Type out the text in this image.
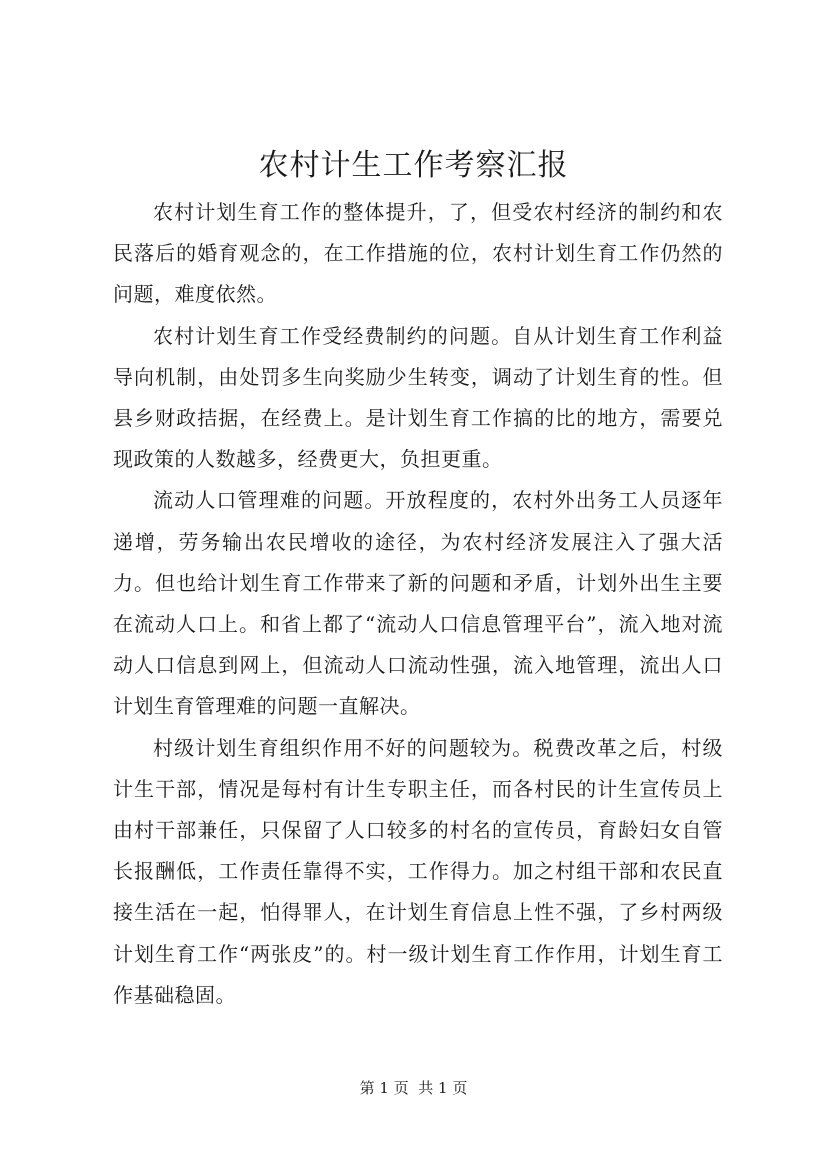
农村计生工作考察汇报

农村计划生育工作的整体提升，了，但受农村经济的制约和农民落后的婚育观念的，在工作措施的位，农村计划生育工作仍然的问题，难度依然。

农村计划生育工作受经费制约的问题。自从计划生育工作利益导向机制，由处罚多生向奖励少生转变，调动了计划生育的性。但县乡财政拮据，在经费上。是计划生育工作搞的比的地方，需要兑现政策的人数越多，经费更大，负担更重。

流动人口管理难的问题。开放程度的，农村外出务工人员逐年递增，劳务输出农民增收的途径，为农村经济发展注入了强大活力。但也给计划生育工作带来了新的问题和矛盾，计划外出生主要在流动人口上。和省上都了“流动人口信息管理平台”，流入地对流动人口信息到网上，但流动人口流动性强，流入地管理，流出人口计划生育管理难的问题一直解决。

村级计划生育组织作用不好的问题较为。税费改革之后，村级计生干部，情况是每村有计生专职主任，而各村民的计生宣传员上由村干部兼任，只保留了人口较多的村名的宣传员，育龄妇女自管长报酬低，工作责任靠得不实，工作得力。加之村组干部和农民直接生活在一起，怕得罪人，在计划生育信息上性不强，了乡村两级计划生育工作“两张皮”的。村一级计划生育工作作用，计划生育工作基础稳固。

第 1 页  共 1 页
